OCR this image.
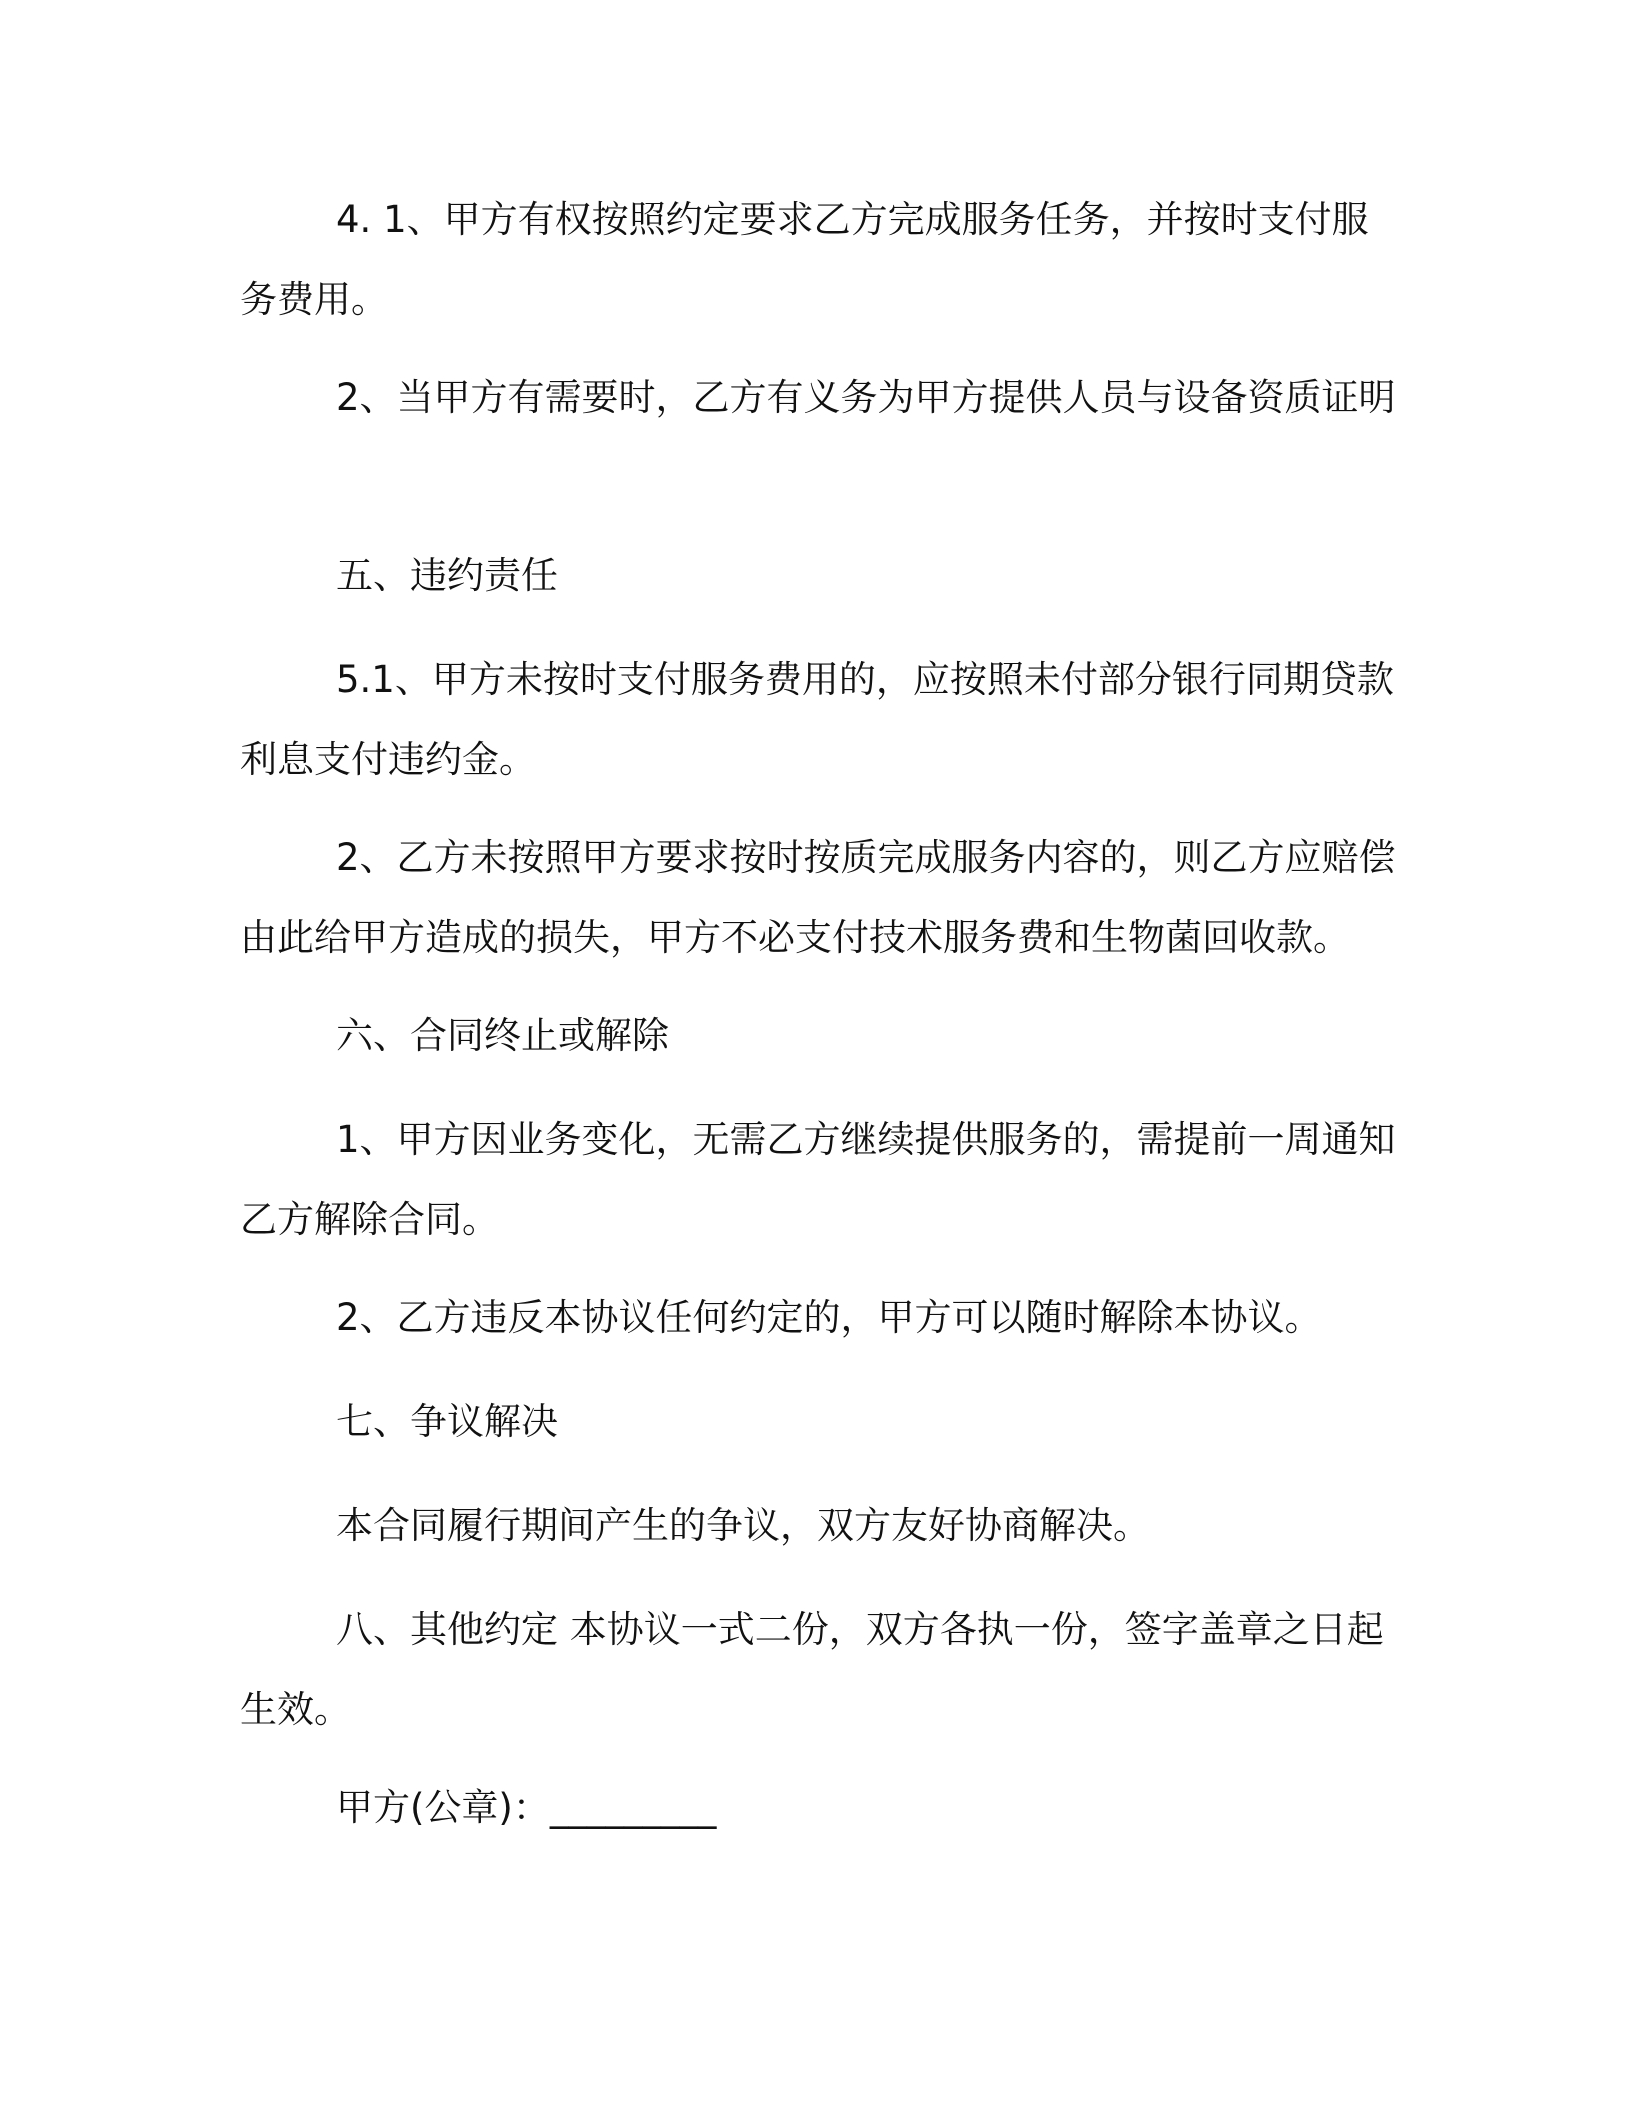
4. 1、甲方有权按照约定要求乙方完成服务任务，并按时支付服务费用。

2、当甲方有需要时，乙方有义务为甲方提供人员与设备资质证明

五、违约责任

5.1、甲方未按时支付服务费用的，应按照未付部分银行同期贷款利息支付违约金。

2、乙方未按照甲方要求按时按质完成服务内容的，则乙方应赔偿由此给甲方造成的损失，甲方不必支付技术服务费和生物菌回收款。

六、合同终止或解除

1、甲方因业务变化，无需乙方继续提供服务的，需提前一周通知乙方解除合同。

2、乙方违反本协议任何约定的，甲方可以随时解除本协议。

七、争议解决

本合同履行期间产生的争议，双方友好协商解决。

八、其他约定 本协议一式二份，双方各执一份，签字盖章之日起生效。

甲方(公章)：_________
